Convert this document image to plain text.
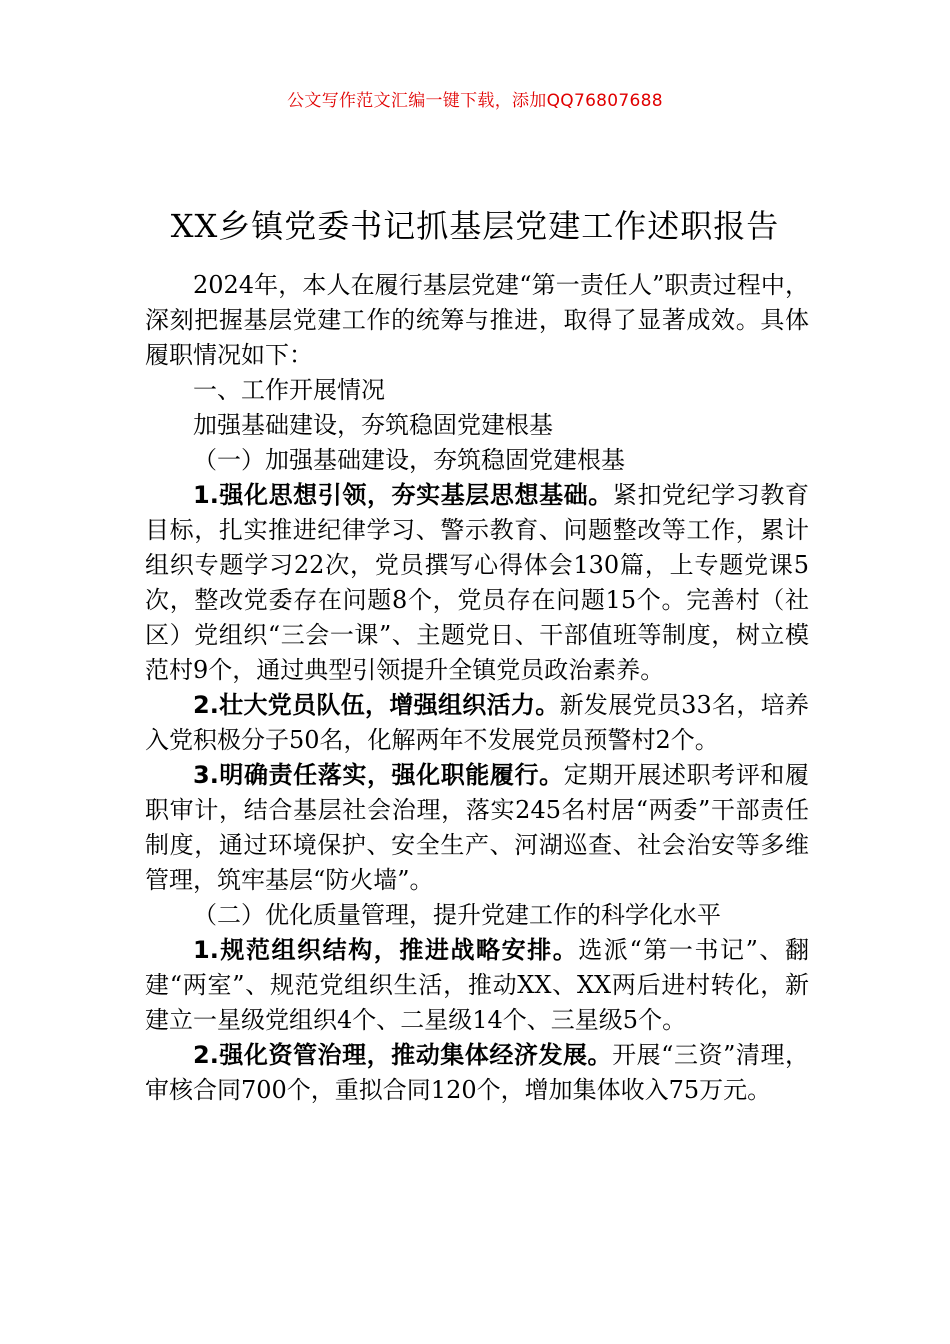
公文写作范文汇编一键下载，添加QQ76807688
XX乡镇党委书记抓基层党建工作述职报告

2024年，本人在履行基层党建“第一责任人”职责过程中，深刻把握基层党建工作的统筹与推进，取得了显著成效。具体履职情况如下：

一、工作开展情况

加强基础建设，夯筑稳固党建根基

（一）加强基础建设，夯筑稳固党建根基

1.强化思想引领，夯实基层思想基础。紧扣党纪学习教育目标，扎实推进纪律学习、警示教育、问题整改等工作，累计组织专题学习22次，党员撰写心得体会130篇，上专题党课5次，整改党委存在问题8个，党员存在问题15个。完善村（社区）党组织“三会一课”、主题党日、干部值班等制度，树立模范村9个，通过典型引领提升全镇党员政治素养。

2.壮大党员队伍，增强组织活力。新发展党员33名，培养入党积极分子50名，化解两年不发展党员预警村2个。

3.明确责任落实，强化职能履行。定期开展述职考评和履职审计，结合基层社会治理，落实245名村居“两委”干部责任制度，通过环境保护、安全生产、河湖巡查、社会治安等多维管理，筑牢基层“防火墙”。

（二）优化质量管理，提升党建工作的科学化水平

1.规范组织结构，推进战略安排。选派“第一书记”、翻建“两室”、规范党组织生活，推动XX、XX两后进村转化，新建立一星级党组织4个、二星级14个、三星级5个。

2.强化资管治理，推动集体经济发展。开展“三资”清理，审核合同700个，重拟合同120个，增加集体收入75万元。
